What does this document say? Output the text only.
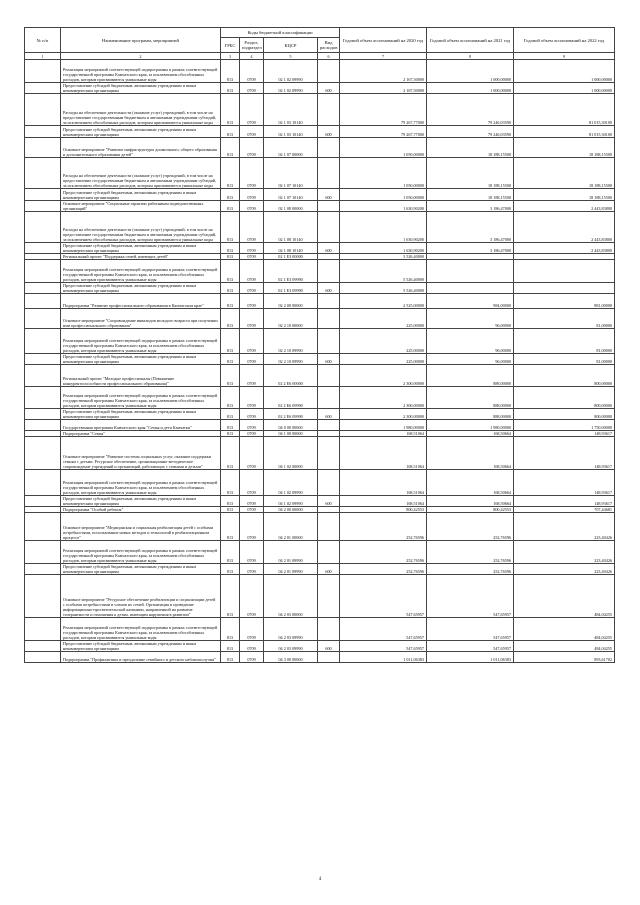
№ п/п	Наименование программ, мероприятий	Коды бюджетной классификации				Годовой объем ассигнований на 2020 год	Годовой объем ассигнований на 2021 год	Годовой объем ассигнований на 2022 год
		ГРБС	Раздел, подраздел	КЦСР	Вид расходов			
1	2	3	4	5	6	7	8	9
	Реализация мероприятий соответствующей подпрограммы в рамках соответствующей государственной программы Камчатского края, за исключением обособленных расходов, которым присваиваются уникальные коды	813	0709	02 1 02 09990		2 167,50000	1 000,00000	1 000,00000
	Предоставление субсидий бюджетным, автономным учреждениям и иным некоммерческим организациям	813	0709	02 1 02 09990	600	2 167,50000	1 000,00000	1 000,00000
	Расходы на обеспечение деятельности (оказание услуг) учреждений, в том числе на предоставление государственным бюджетным и автономным учреждениям субсидий, за исключением обособленных расходов, которым присваиваются уникальные коды	813	0709	02 1 03 10140		79 267,77000	79 246,03590	81 015,30100
	Предоставление субсидий бюджетным, автономным учреждениям и иным некоммерческим организациям	813	0709	02 1 03 10140	600	79 267,77000	79 246,03590	81 015,30100
	Основное мероприятие "Развитие инфраструктуры дошкольного, общего образования и дополнительного образования детей"	813	0709	02 1 07 00000		1 050,00000	18 188,15500	18 188,15500
	Расходы на обеспечение деятельности (оказание услуг) учреждений, в том числе на предоставление государственным бюджетным и автономным учреждениям субсидий, за исключением обособленных расходов, которым присваиваются уникальные коды	813	0709	02 1 07 10140		1 050,00000	18 188,15500	18 188,15500
	Предоставление субсидий бюджетным, автономным учреждениям и иным некоммерческим организациям	813	0709	02 1 07 10140	600	1 050,00000	18 188,15500	18 188,15500
	Основное мероприятие "Социальные гарантии работникам подведомственных организаций"	813	0709	02 1 08 00000		1 630,90200	3 186,47000	2 443,83800
	Расходы на обеспечение деятельности (оказание услуг) учреждений, в том числе на предоставление государственным бюджетным и автономным учреждениям субсидий, за исключением обособленных расходов, которым присваиваются уникальные коды	813	0709	02 1 08 10140		1 630,90200	3 186,47000	2 443,83800
	Предоставление субсидий бюджетным, автономным учреждениям и иным некоммерческим организациям	813	0709	02 1 08 10140	600	1 630,90200	3 186,47000	2 443,83800
	Региональный проект "Поддержка семей, имеющих детей"	813	0709	02 1 E3 00000		5 526,40000		
	Реализация мероприятий соответствующей подпрограммы в рамках соответствующей государственной программы Камчатского края, за исключением обособленных расходов, которым присваиваются уникальные коды	813	0709	02 1 E3 09990		5 526,40000		
	Предоставление субсидий бюджетным, автономным учреждениям и иным некоммерческим организациям	813	0709	02 1 E3 09990	600	5 526,40000		
	Подпрограмма "Развитие профессионального образования в Камчатском крае"	813	0709	02 2 00 00000		2 525,00000	984,00000	881,00000
	Основное мероприятие "Сопровождение инвалидов молодого возраста при получении ими профессионального образования"	813	0709	02 2 10 00000		225,00000	96,00000	81,00000
	Реализация мероприятий соответствующей подпрограммы в рамках соответствующей государственной программы Камчатского края, за исключением обособленных расходов, которым присваиваются уникальные коды	813	0709	02 2 10 09990		225,00000	96,00000	81,00000
	Предоставление субсидий бюджетным, автономным учреждениям и иным некоммерческим организациям	813	0709	02 2 10 09990	600	225,00000	96,00000	81,00000
	Региональный проект "Молодые профессионалы (Повышение конкурентоспособности профессионального образования)"	813	0709	02 2 E6 00000		2 300,00000	888,00000	800,00000
	Реализация мероприятий соответствующей подпрограммы в рамках соответствующей государственной программы Камчатского края, за исключением обособленных расходов, которым присваиваются уникальные коды	813	0709	02 2 E6 09990		2 300,00000	888,00000	800,00000
	Предоставление субсидий бюджетным, автономным учреждениям и иным некоммерческим организациям	813	0709	02 2 E6 09990	600	2 300,00000	888,00000	800,00000
	Государственная программа Камчатского края "Семья и дети Камчатки"	813	0709	04 0 00 00000		1 980,00000	1 980,00000	1 750,00000
	Подпрограмма "Семья"	813	0709	04 1 00 00000		168,51064	168,50664	148,93617
	Основное мероприятие "Развитие системы социальных услуг, оказание поддержки семьям с детьми. Ресурсное обеспечение, организационно-методическое сопровождение учреждений и организаций, работающих с семьями и детьми"	813	0709	04 1 02 00000		168,51064	168,50664	148,93617
	Реализация мероприятий соответствующей подпрограммы в рамках соответствующей государственной программы Камчатского края, за исключением обособленных расходов, которым присваиваются уникальные коды	813	0709	04 1 02 09990		168,51064	168,50664	148,93617
	Предоставление субсидий бюджетным, автономным учреждениям и иным некоммерческим организациям	813	0709	04 1 02 09990	600	168,51064	168,50664	148,93617
	Подпрограмма "Особый ребенок"	813	0709	04 2 00 00000		800,42553	800,42553	707,44681
	Основное мероприятие "Медицинская и социальная реабилитация детей с особыми потребностями, использование новых методов и технологий в реабилитационном процессе"	813	0709	04 2 01 00000		252,76596	252,76596	223,40426
	Реализация мероприятий соответствующей подпрограммы в рамках соответствующей государственной программы Камчатского края, за исключением обособленных расходов, которым присваиваются уникальные коды	813	0709	04 2 01 09990		252,76596	252,76596	223,40426
	Предоставление субсидий бюджетным, автономным учреждениям и иным некоммерческим организациям	813	0709	04 2 01 09990	600	252,76596	252,76596	223,40426
	Основное мероприятие "Ресурсное обеспечение реабилитации и социализации детей с особыми потребностями и членов их семей. Организация и проведение информационно-просветительской кампании, направленной на развитие толерантности и отношения к детям, имеющим нарушения в развитии"	813	0709	04 2 03 00000		547,65957	547,65957	484,04255
	Реализация мероприятий соответствующей подпрограммы в рамках соответствующей государственной программы Камчатского края, за исключением обособленных расходов, которым присваиваются уникальные коды	813	0709	04 2 03 09990		547,65957	547,65957	484,04255
	Предоставление субсидий бюджетным, автономным учреждениям и иным некоммерческим организациям	813	0709	04 2 03 09990	600	547,65957	547,65957	484,04255
	Подпрограмма "Профилактика и преодоление семейного и детского неблагополучия"	813	0709	04 3 00 00000		1 011,06383	1 011,06383	893,61702
4
